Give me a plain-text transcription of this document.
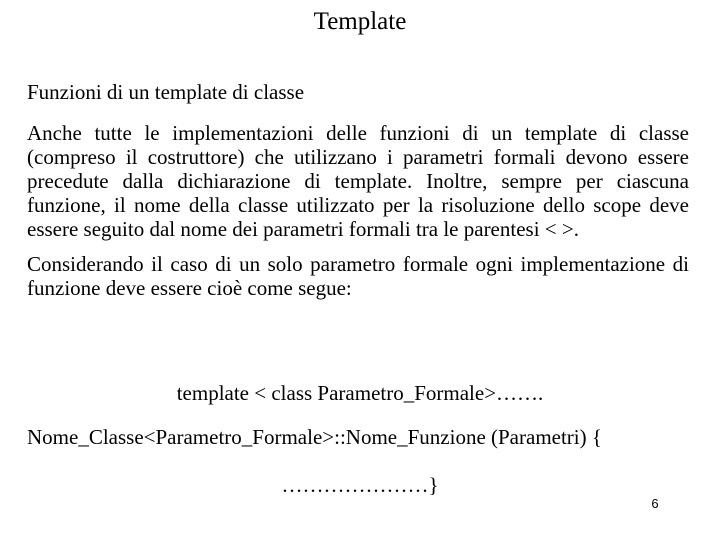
Template

Funzioni di un template di classe

Anche tutte le implementazioni delle funzioni di un template di classe (compreso il costruttore) che utilizzano i parametri formali devono essere precedute dalla dichiarazione di template. Inoltre, sempre per ciascuna funzione, il nome della classe utilizzato per la risoluzione dello scope deve essere seguito dal nome dei parametri formali tra le parentesi < >.

Considerando il caso di un solo parametro formale ogni implementazione di funzione deve essere cioè come segue:

template < class Parametro_Formale>…….
Nome_Classe<Parametro_Formale>::Nome_Funzione (Parametri) {
…………………}
6
